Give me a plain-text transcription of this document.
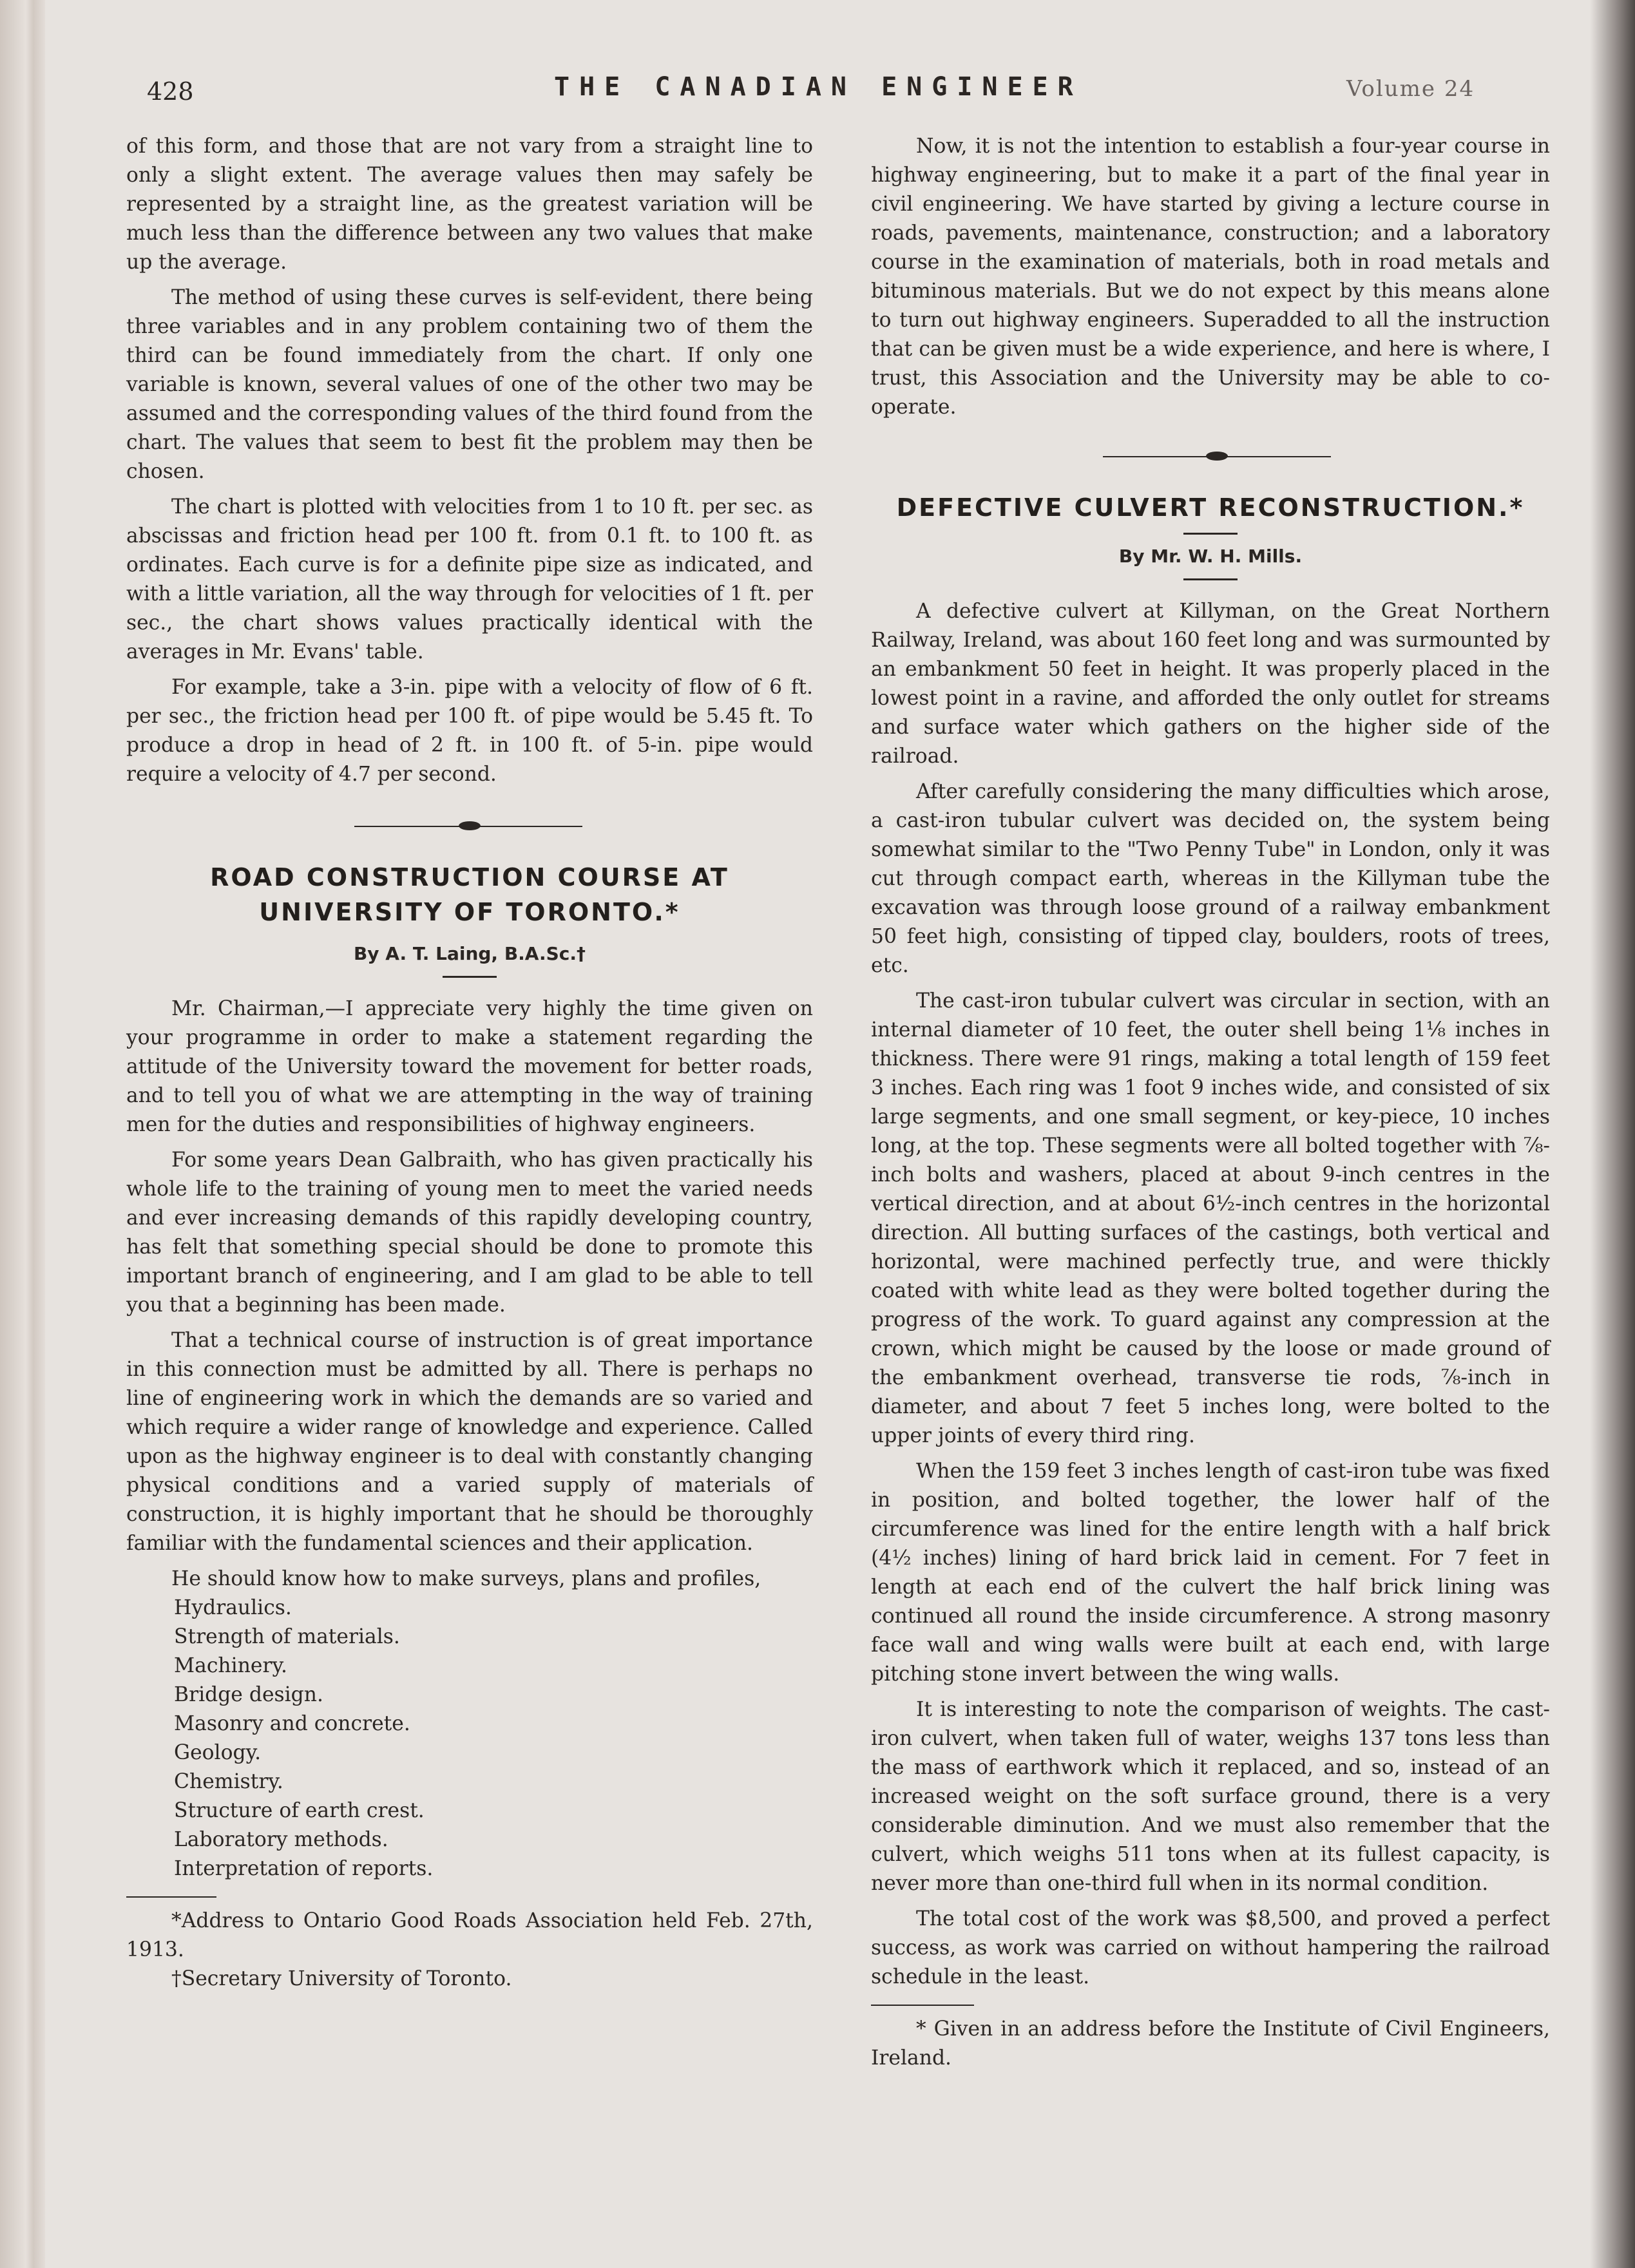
428	THE CANADIAN ENGINEER	Volume 24

of this form, and those that are not vary from a straight line to only a slight extent. The average values then may safely be represented by a straight line, as the greatest variation will be much less than the difference between any two values that make up the average.

The method of using these curves is self-evident, there being three variables and in any problem containing two of them the third can be found immediately from the chart. If only one variable is known, several values of one of the other two may be assumed and the corresponding values of the third found from the chart. The values that seem to best fit the problem may then be chosen.

The chart is plotted with velocities from 1 to 10 ft. per sec. as abscissas and friction head per 100 ft. from 0.1 ft. to 100 ft. as ordinates. Each curve is for a definite pipe size as indicated, and with a little variation, all the way through for velocities of 1 ft. per sec., the chart shows values practically identical with the averages in Mr. Evans' table.

For example, take a 3-in. pipe with a velocity of flow of 6 ft. per sec., the friction head per 100 ft. of pipe would be 5.45 ft. To produce a drop in head of 2 ft. in 100 ft. of 5-in. pipe would require a velocity of 4.7 per second.

ROAD CONSTRUCTION COURSE AT UNIVERSITY OF TORONTO.*
By A. T. Laing, B.A.Sc.†

Mr. Chairman,—I appreciate very highly the time given on your programme in order to make a statement regarding the attitude of the University toward the movement for better roads, and to tell you of what we are attempting in the way of training men for the duties and responsibilities of highway engineers.

For some years Dean Galbraith, who has given practically his whole life to the training of young men to meet the varied needs and ever increasing demands of this rapidly developing country, has felt that something special should be done to promote this important branch of engineering, and I am glad to be able to tell you that a beginning has been made.

That a technical course of instruction is of great importance in this connection must be admitted by all. There is perhaps no line of engineering work in which the demands are so varied and which require a wider range of knowledge and experience. Called upon as the highway engineer is to deal with constantly changing physical conditions and a varied supply of materials of construction, it is highly important that he should be thoroughly familiar with the fundamental sciences and their application.

He should know how to make surveys, plans and profiles,

Hydraulics.
Strength of materials.
Machinery.
Bridge design.
Masonry and concrete.
Geology.
Chemistry.
Structure of earth crest.
Laboratory methods.
Interpretation of reports.

*Address to Ontario Good Roads Association held Feb. 27th, 1913.

†Secretary University of Toronto.

Now, it is not the intention to establish a four-year course in highway engineering, but to make it a part of the final year in civil engineering. We have started by giving a lecture course in roads, pavements, maintenance, construction; and a laboratory course in the examination of materials, both in road metals and bituminous materials. But we do not expect by this means alone to turn out highway engineers. Superadded to all the instruction that can be given must be a wide experience, and here is where, I trust, this Association and the University may be able to co-operate.

DEFECTIVE CULVERT RECONSTRUCTION.*
By Mr. W. H. Mills.

A defective culvert at Killyman, on the Great Northern Railway, Ireland, was about 160 feet long and was surmounted by an embankment 50 feet in height. It was properly placed in the lowest point in a ravine, and afforded the only outlet for streams and surface water which gathers on the higher side of the railroad.

After carefully considering the many difficulties which arose, a cast-iron tubular culvert was decided on, the system being somewhat similar to the "Two Penny Tube" in London, only it was cut through compact earth, whereas in the Killyman tube the excavation was through loose ground of a railway embankment 50 feet high, consisting of tipped clay, boulders, roots of trees, etc.

The cast-iron tubular culvert was circular in section, with an internal diameter of 10 feet, the outer shell being 1⅛ inches in thickness. There were 91 rings, making a total length of 159 feet 3 inches. Each ring was 1 foot 9 inches wide, and consisted of six large segments, and one small segment, or key-piece, 10 inches long, at the top. These segments were all bolted together with ⅞-inch bolts and washers, placed at about 9-inch centres in the vertical direction, and at about 6½-inch centres in the horizontal direction. All butting surfaces of the castings, both vertical and horizontal, were machined perfectly true, and were thickly coated with white lead as they were bolted together during the progress of the work. To guard against any compression at the crown, which might be caused by the loose or made ground of the embankment overhead, transverse tie rods, ⅞-inch in diameter, and about 7 feet 5 inches long, were bolted to the upper joints of every third ring.

When the 159 feet 3 inches length of cast-iron tube was fixed in position, and bolted together, the lower half of the circumference was lined for the entire length with a half brick (4½ inches) lining of hard brick laid in cement. For 7 feet in length at each end of the culvert the half brick lining was continued all round the inside circumference. A strong masonry face wall and wing walls were built at each end, with large pitching stone invert between the wing walls.

It is interesting to note the comparison of weights. The cast-iron culvert, when taken full of water, weighs 137 tons less than the mass of earthwork which it replaced, and so, instead of an increased weight on the soft surface ground, there is a very considerable diminution. And we must also remember that the culvert, which weighs 511 tons when at its fullest capacity, is never more than one-third full when in its normal condition.

The total cost of the work was $8,500, and proved a perfect success, as work was carried on without hampering the railroad schedule in the least.

* Given in an address before the Institute of Civil Engineers, Ireland.
